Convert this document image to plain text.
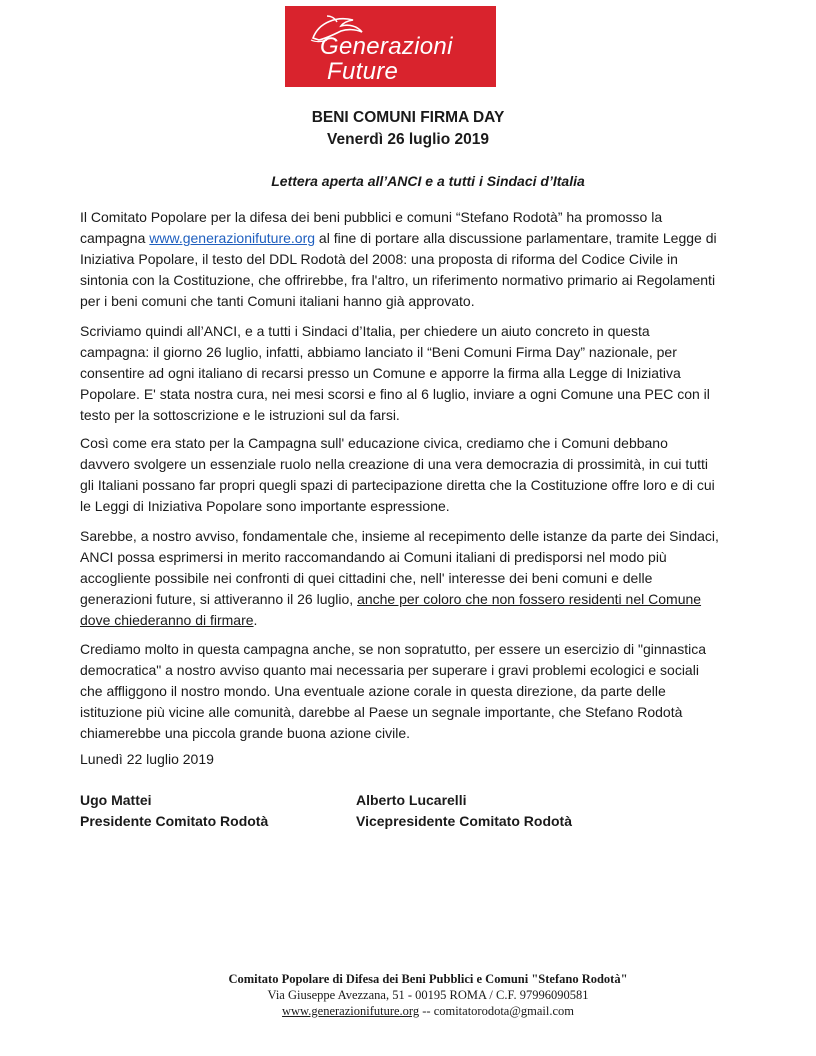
Generazioni
Future
BENI COMUNI FIRMA DAY
Venerdì 26 luglio 2019
Lettera aperta all’ANCI e a tutti i Sindaci d’Italia

Il Comitato Popolare per la difesa dei beni pubblici e comuni “Stefano Rodotà” ha promosso la campagna www.generazionifuture.org al fine di portare alla discussione parlamentare, tramite Legge di Iniziativa Popolare, il testo del DDL Rodotà del 2008: una proposta di riforma del Codice Civile in sintonia con la Costituzione, che offrirebbe, fra l'altro, un riferimento normativo primario ai Regolamenti per i beni comuni che tanti Comuni italiani hanno già approvato.

Scriviamo quindi all’ANCI, e a tutti i Sindaci d’Italia, per chiedere un aiuto concreto in questa campagna: il giorno 26 luglio, infatti, abbiamo lanciato il “Beni Comuni Firma Day” nazionale, per consentire ad ogni italiano di recarsi presso un Comune e apporre la firma alla Legge di Iniziativa Popolare. E' stata nostra cura, nei mesi scorsi e fino al 6 luglio, inviare a ogni Comune una PEC con il testo per la sottoscrizione e le istruzioni sul da farsi.

Così come era stato per la Campagna sull' educazione civica, crediamo che i Comuni debbano davvero svolgere un essenziale ruolo nella creazione di una vera democrazia di prossimità, in cui tutti gli Italiani possano far propri quegli spazi di partecipazione diretta che la Costituzione offre loro e di cui le Leggi di Iniziativa Popolare sono importante espressione.

Sarebbe, a nostro avviso, fondamentale che, insieme al recepimento delle istanze da parte dei Sindaci, ANCI possa esprimersi in merito raccomandando ai Comuni italiani di predisporsi nel modo più accogliente possibile nei confronti di quei cittadini che, nell' interesse dei beni comuni e delle generazioni future, si attiveranno il 26 luglio, anche per coloro che non fossero residenti nel Comune dove chiederanno di firmare.

Crediamo molto in questa campagna anche, se non sopratutto, per essere un esercizio di "ginnastica democratica" a nostro avviso quanto mai necessaria per superare i gravi problemi ecologici e sociali che affliggono il nostro mondo. Una eventuale azione corale in questa direzione, da parte delle istituzione più vicine alle comunità, darebbe al Paese un segnale importante, che Stefano Rodotà chiamerebbe una piccola grande buona azione civile.

Lunedì 22 luglio 2019
Ugo Mattei
Presidente Comitato Rodotà
Alberto Lucarelli
Vicepresidente Comitato Rodotà
Comitato Popolare di Difesa dei Beni Pubblici e Comuni "Stefano Rodotà"
Via Giuseppe Avezzana, 51 - 00195 ROMA / C.F. 97996090581
www.generazionifuture.org -- comitatorodota@gmail.com
